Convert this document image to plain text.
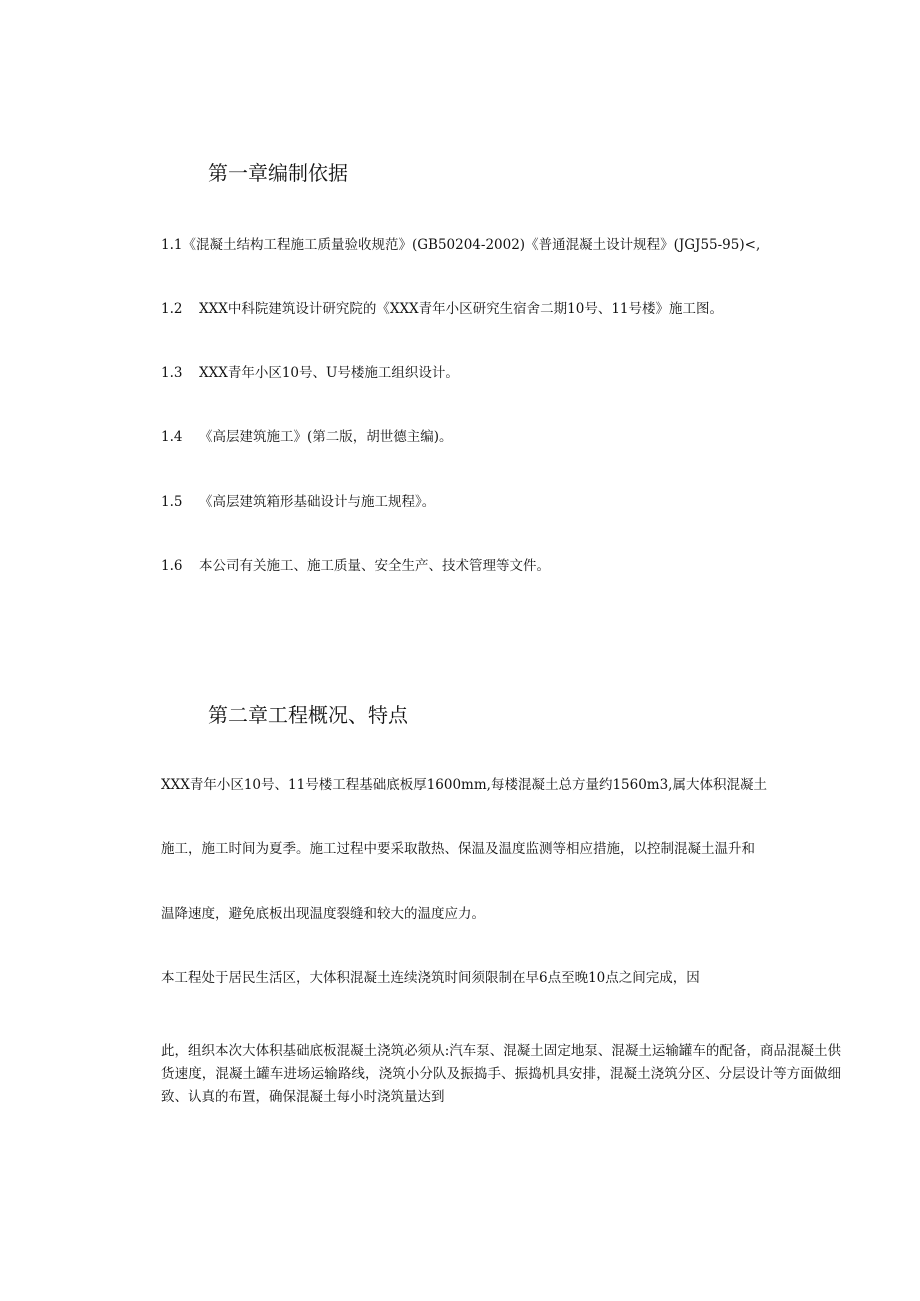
第一章编制依据
1.1《混凝土结构工程施工质量验收规范》(GB50204-2002)《普通混凝土设计规程》(JGJ55-95)<,
1.2 XXX中科院建筑设计研究院的《XXX青年小区研究生宿舍二期10号、11号楼》施工图。
1.3 XXX青年小区10号、U号楼施工组织设计。
1.4 《高层建筑施工》(第二版，胡世德主编)。
1.5 《高层建筑箱形基础设计与施工规程》。
1.6 本公司有关施工、施工质量、安全生产、技术管理等文件。
第二章工程概况、特点
XXX青年小区10号、11号楼工程基础底板厚1600mm,每楼混凝土总方量约1560m3,属大体积混凝土
施工，施工时间为夏季。施工过程中要采取散热、保温及温度监测等相应措施，以控制混凝土温升和
温降速度，避免底板出现温度裂缝和较大的温度应力。
本工程处于居民生活区，大体积混凝土连续浇筑时间须限制在早6点至晚10点之间完成，因
此，组织本次大体积基础底板混凝土浇筑必须从:汽车泵、混凝土固定地泵、混凝土运输罐车的配备，商品混凝土供货速度，混凝土罐车进场运输路线，浇筑小分队及振捣手、振捣机具安排，混凝土浇筑分区、分层设计等方面做细致、认真的布置，确保混凝土每小时浇筑量达到
